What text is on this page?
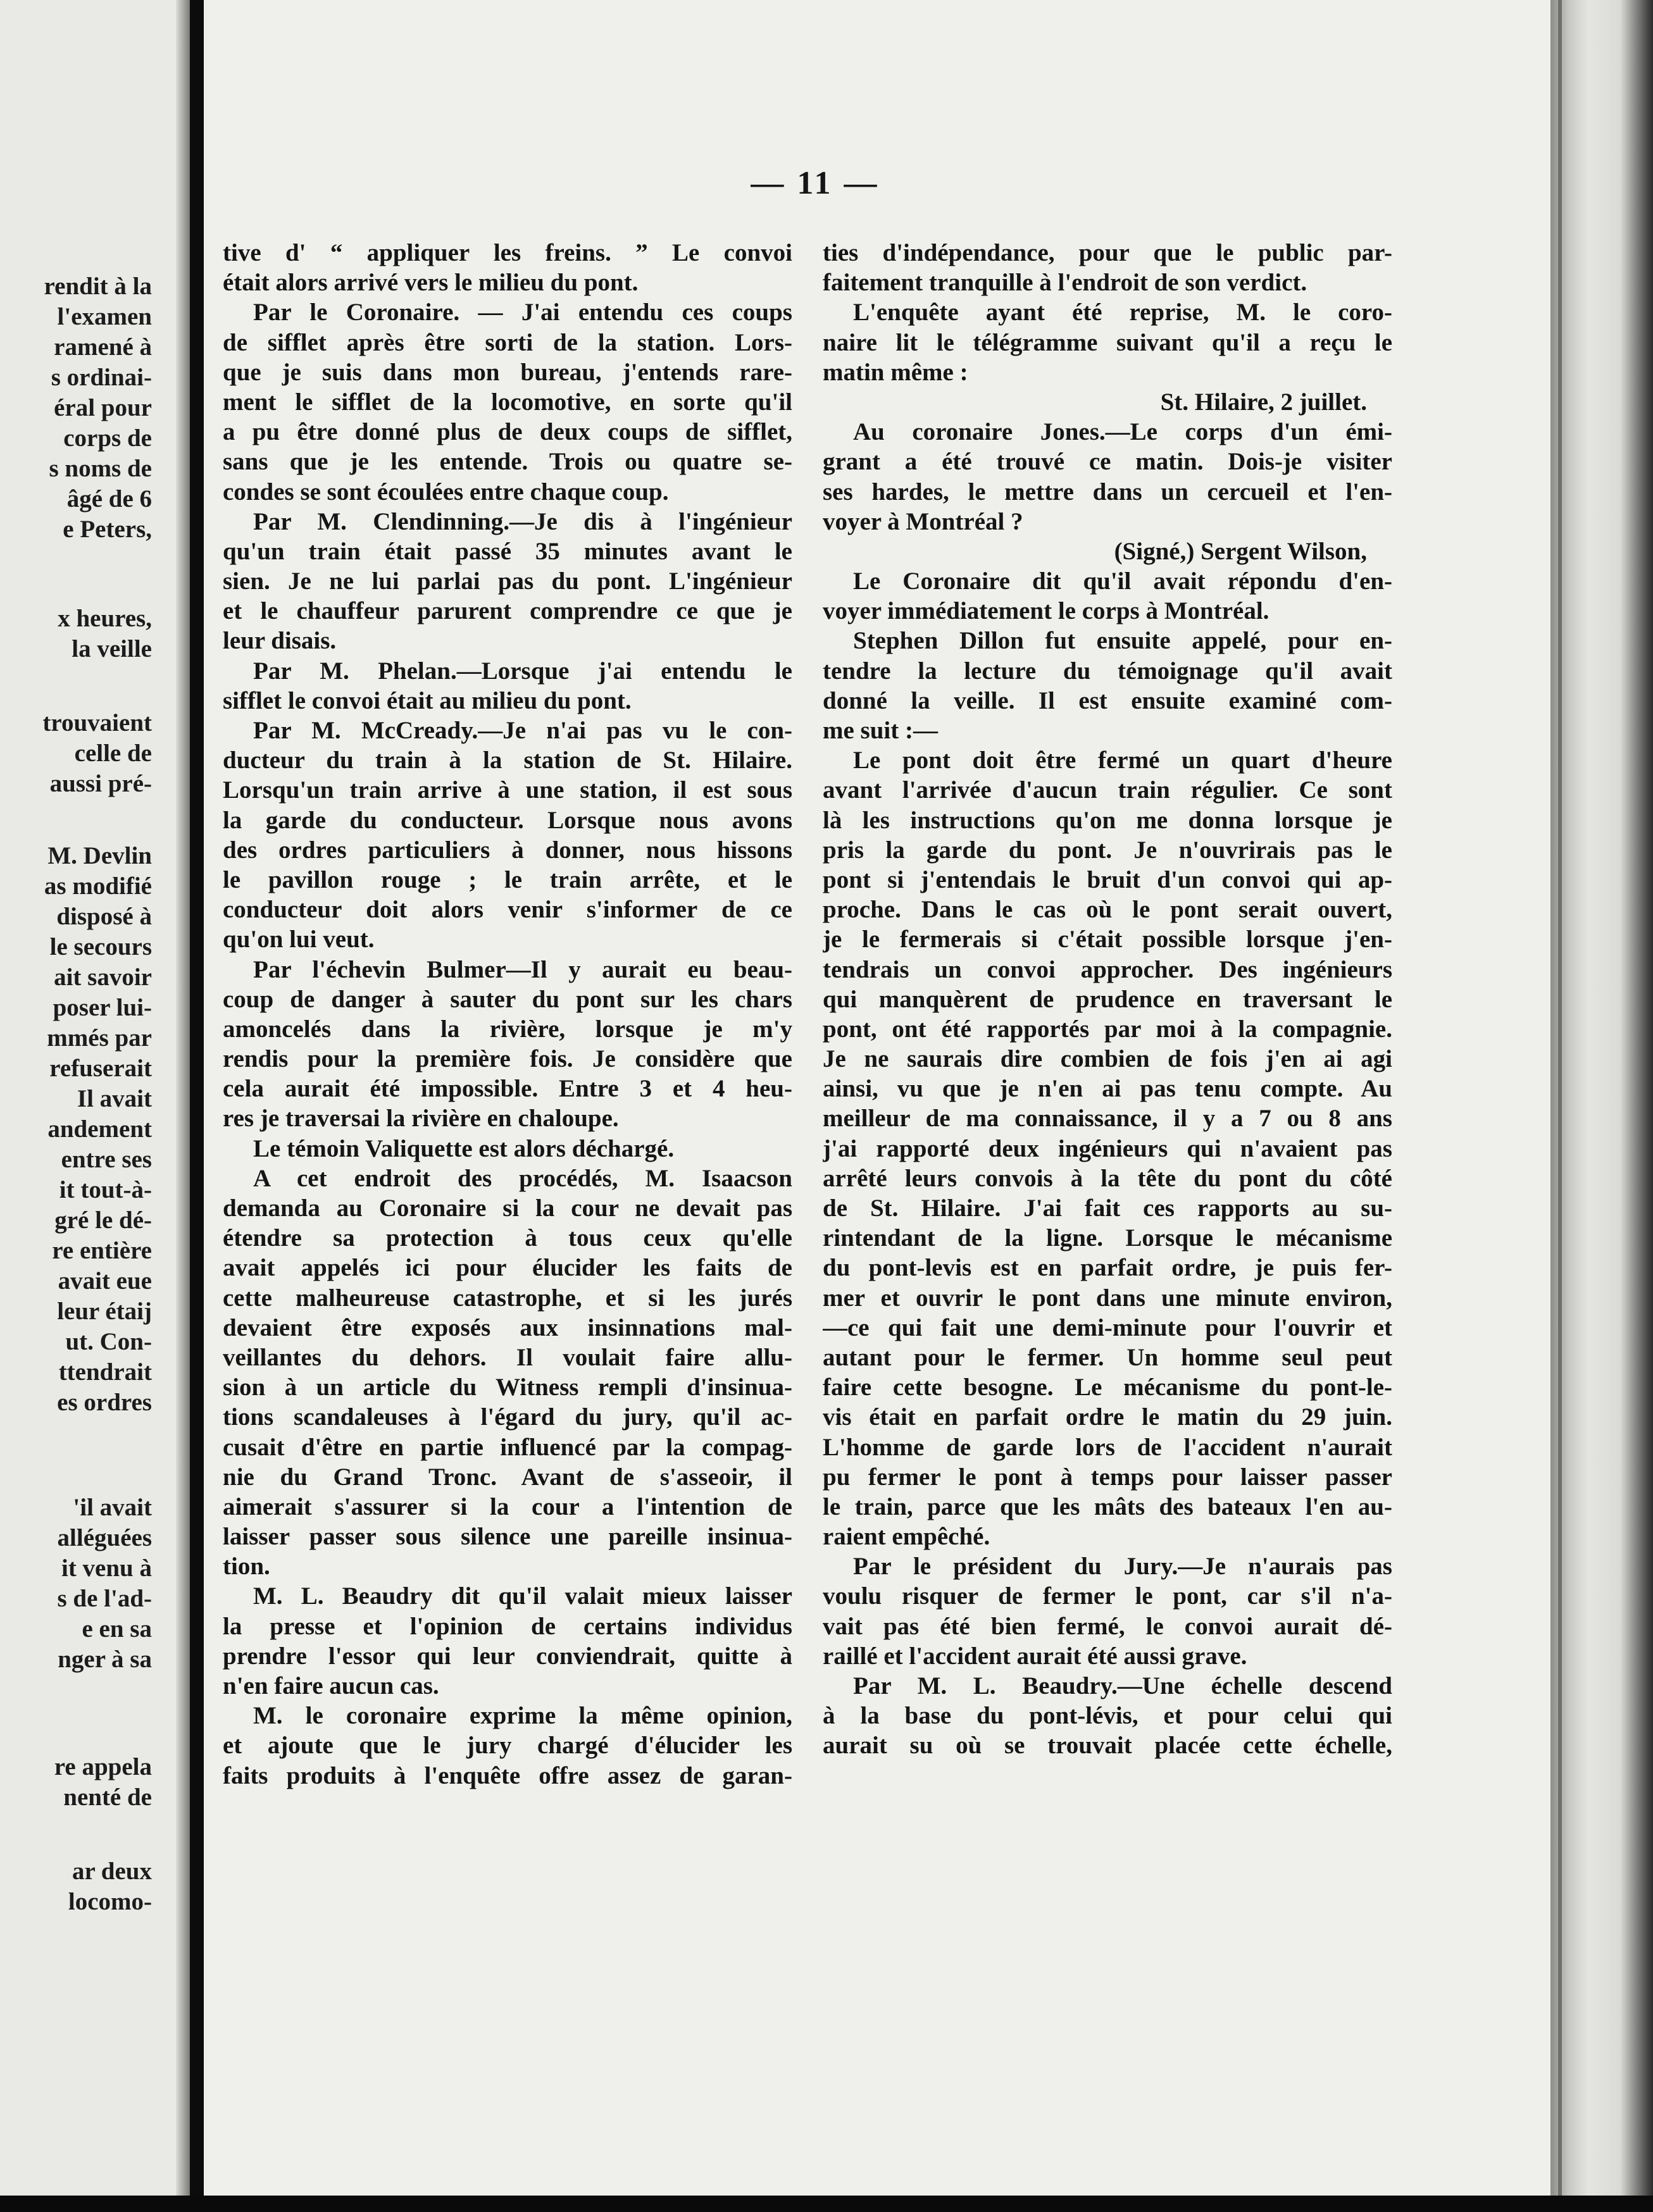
rendit à la
l'examen
ramené à
s ordinai-
éral pour
corps de
s noms de
âgé de 6
e Peters,
x heures,
la veille
trouvaient
celle de
aussi pré-
M. Devlin
as modifié
disposé à
le secours
ait savoir
poser lui-
mmés par
refuserait
Il avait
andement
entre ses
it tout-à-
gré le dé-
re entière
avait eue
leur étaij
ut. Con-
ttendrait
es ordres
'il avait
alléguées
it venu à
s de l'ad-
e en sa
nger à sa
re appela
nenté de
ar deux
locomo-
— 11 —
tive d' “ appliquer les freins. ” Le convoi
était alors arrivé vers le milieu du pont.
Par le Coronaire. — J'ai entendu ces coups
de sifflet après être sorti de la station. Lors-
que je suis dans mon bureau, j'entends rare-
ment le sifflet de la locomotive, en sorte qu'il
a pu être donné plus de deux coups de sifflet,
sans que je les entende. Trois ou quatre se-
condes se sont écoulées entre chaque coup.
Par M. Clendinning.—Je dis à l'ingénieur
qu'un train était passé 35 minutes avant le
sien. Je ne lui parlai pas du pont. L'ingénieur
et le chauffeur parurent comprendre ce que je
leur disais.
Par M. Phelan.—Lorsque j'ai entendu le
sifflet le convoi était au milieu du pont.
Par M. McCready.—Je n'ai pas vu le con-
ducteur du train à la station de St. Hilaire.
Lorsqu'un train arrive à une station, il est sous
la garde du conducteur. Lorsque nous avons
des ordres particuliers à donner, nous hissons
le pavillon rouge ; le train arrête, et le
conducteur doit alors venir s'informer de ce
qu'on lui veut.
Par l'échevin Bulmer—Il y aurait eu beau-
coup de danger à sauter du pont sur les chars
amoncelés dans la rivière, lorsque je m'y
rendis pour la première fois. Je considère que
cela aurait été impossible. Entre 3 et 4 heu-
res je traversai la rivière en chaloupe.
Le témoin Valiquette est alors déchargé.
A cet endroit des procédés, M. Isaacson
demanda au Coronaire si la cour ne devait pas
étendre sa protection à tous ceux qu'elle
avait appelés ici pour élucider les faits de
cette malheureuse catastrophe, et si les jurés
devaient être exposés aux insinnations mal-
veillantes du dehors. Il voulait faire allu-
sion à un article du Witness rempli d'insinua-
tions scandaleuses à l'égard du jury, qu'il ac-
cusait d'être en partie influencé par la compag-
nie du Grand Tronc. Avant de s'asseoir, il
aimerait s'assurer si la cour a l'intention de
laisser passer sous silence une pareille insinua-
tion.
M. L. Beaudry dit qu'il valait mieux laisser
la presse et l'opinion de certains individus
prendre l'essor qui leur conviendrait, quitte à
n'en faire aucun cas.
M. le coronaire exprime la même opinion,
et ajoute que le jury chargé d'élucider les
faits produits à l'enquête offre assez de garan-
ties d'indépendance, pour que le public par-
faitement tranquille à l'endroit de son verdict.
L'enquête ayant été reprise, M. le coro-
naire lit le télégramme suivant qu'il a reçu le
matin même :
St. Hilaire, 2 juillet.
Au coronaire Jones.—Le corps d'un émi-
grant a été trouvé ce matin. Dois-je visiter
ses hardes, le mettre dans un cercueil et l'en-
voyer à Montréal ?
(Signé,) Sergent Wilson,
Le Coronaire dit qu'il avait répondu d'en-
voyer immédiatement le corps à Montréal.
Stephen Dillon fut ensuite appelé, pour en-
tendre la lecture du témoignage qu'il avait
donné la veille. Il est ensuite examiné com-
me suit :—
Le pont doit être fermé un quart d'heure
avant l'arrivée d'aucun train régulier. Ce sont
là les instructions qu'on me donna lorsque je
pris la garde du pont. Je n'ouvrirais pas le
pont si j'entendais le bruit d'un convoi qui ap-
proche. Dans le cas où le pont serait ouvert,
je le fermerais si c'était possible lorsque j'en-
tendrais un convoi approcher. Des ingénieurs
qui manquèrent de prudence en traversant le
pont, ont été rapportés par moi à la compagnie.
Je ne saurais dire combien de fois j'en ai agi
ainsi, vu que je n'en ai pas tenu compte. Au
meilleur de ma connaissance, il y a 7 ou 8 ans
j'ai rapporté deux ingénieurs qui n'avaient pas
arrêté leurs convois à la tête du pont du côté
de St. Hilaire. J'ai fait ces rapports au su-
rintendant de la ligne. Lorsque le mécanisme
du pont-levis est en parfait ordre, je puis fer-
mer et ouvrir le pont dans une minute environ,
—ce qui fait une demi-minute pour l'ouvrir et
autant pour le fermer. Un homme seul peut
faire cette besogne. Le mécanisme du pont-le-
vis était en parfait ordre le matin du 29 juin.
L'homme de garde lors de l'accident n'aurait
pu fermer le pont à temps pour laisser passer
le train, parce que les mâts des bateaux l'en au-
raient empêché.
Par le président du Jury.—Je n'aurais pas
voulu risquer de fermer le pont, car s'il n'a-
vait pas été bien fermé, le convoi aurait dé-
raillé et l'accident aurait été aussi grave.
Par M. L. Beaudry.—Une échelle descend
à la base du pont-lévis, et pour celui qui
aurait su où se trouvait placée cette échelle,
